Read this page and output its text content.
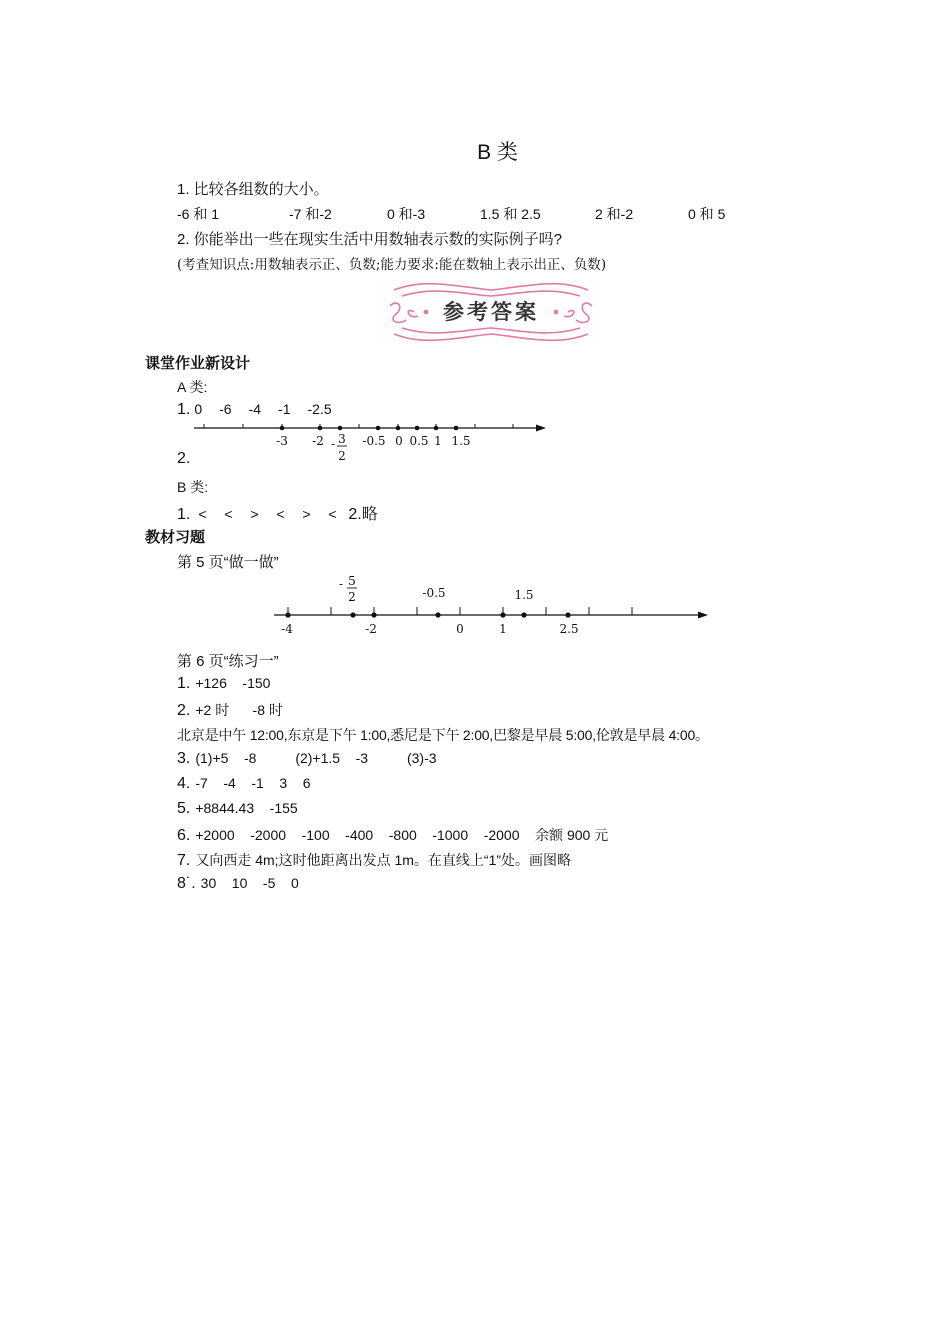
B 类
1. 比较各组数的大小。
-6 和 1	-7 和-2	0 和-3	1.5 和 2.5	2 和-2	0 和 5
2. 你能举出一些在现实生活中用数轴表示数的实际例子吗?
(考查知识点:用数轴表示正、负数;能力要求:能在数轴上表示出正、负数)
参考答案
课堂作业新设计
A 类:
1. 0 -6 -4 -1 -2.5
-3 -2 - 3
2
-0.5 0 0.5 1 1.5
2.
B 类:
1. < < > < > < 2.略
教材习题
第 5 页“做一做”
- 5
2	-0.5	1.5
-4	-2	0	1	2.5
第 6 页“练习一”
1. +126    -150
2. +2 时      -8 时
北京是中午 12:00,东京是下午 1:00,悉尼是下午 2:00,巴黎是早晨 5:00,伦敦是早晨 4:00。
3. (1)+5    -8          (2)+1.5    -3          (3)-3
4. -7    -4    -1    3    6
5. +8844.43    -155
6. +2000    -2000    -100    -400    -800    -1000    -2000    余额 900 元
7. 又向西走 4m;这时他距离出发点 1m。在直线上“1”处。画图略
8˙. 30    10    -5    0
